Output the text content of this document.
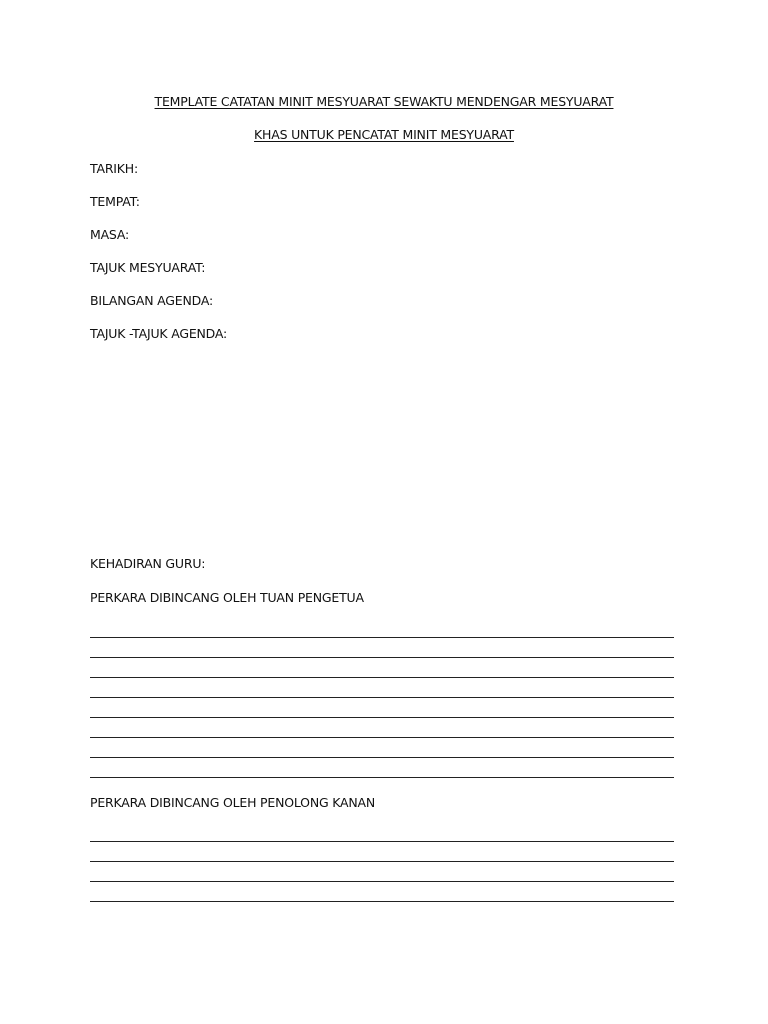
TEMPLATE CATATAN MINIT MESYUARAT SEWAKTU MENDENGAR MESYUARAT
KHAS UNTUK PENCATAT MINIT MESYUARAT
TARIKH:
TEMPAT:
MASA:
TAJUK MESYUARAT:
BILANGAN AGENDA:
TAJUK -TAJUK AGENDA:
KEHADIRAN GURU:
PERKARA DIBINCANG OLEH TUAN PENGETUA
PERKARA DIBINCANG OLEH PENOLONG KANAN
